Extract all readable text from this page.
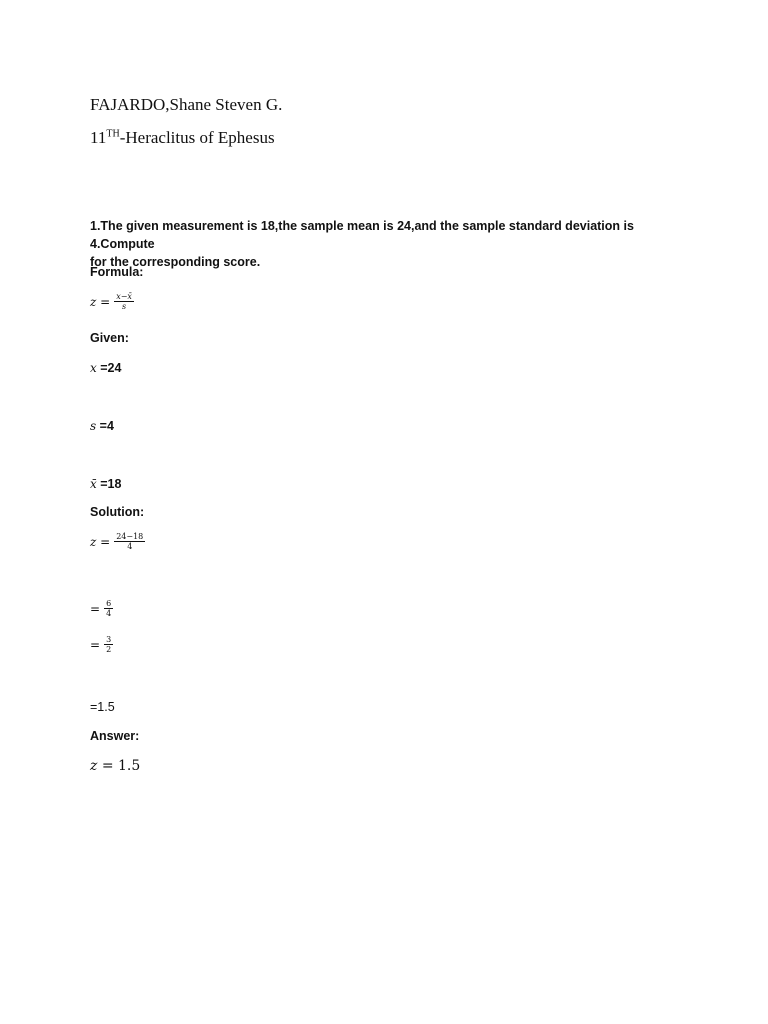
FAJARDO,Shane Steven G.
11TH-Heraclitus of Ephesus
1.The given measurement is 18,the sample mean is 24,and the sample standard deviation is 4.Compute
for the corresponding score.
Formula:
$z = \frac{x-x̄}{s}$
Given:
x =24
s =4
x̄ =18
Solution:
$z = \frac{24-18}{4}$
= $\frac{6}{4}$
= $\frac{3}{2}$
=1.5
Answer:
z = 1.5
